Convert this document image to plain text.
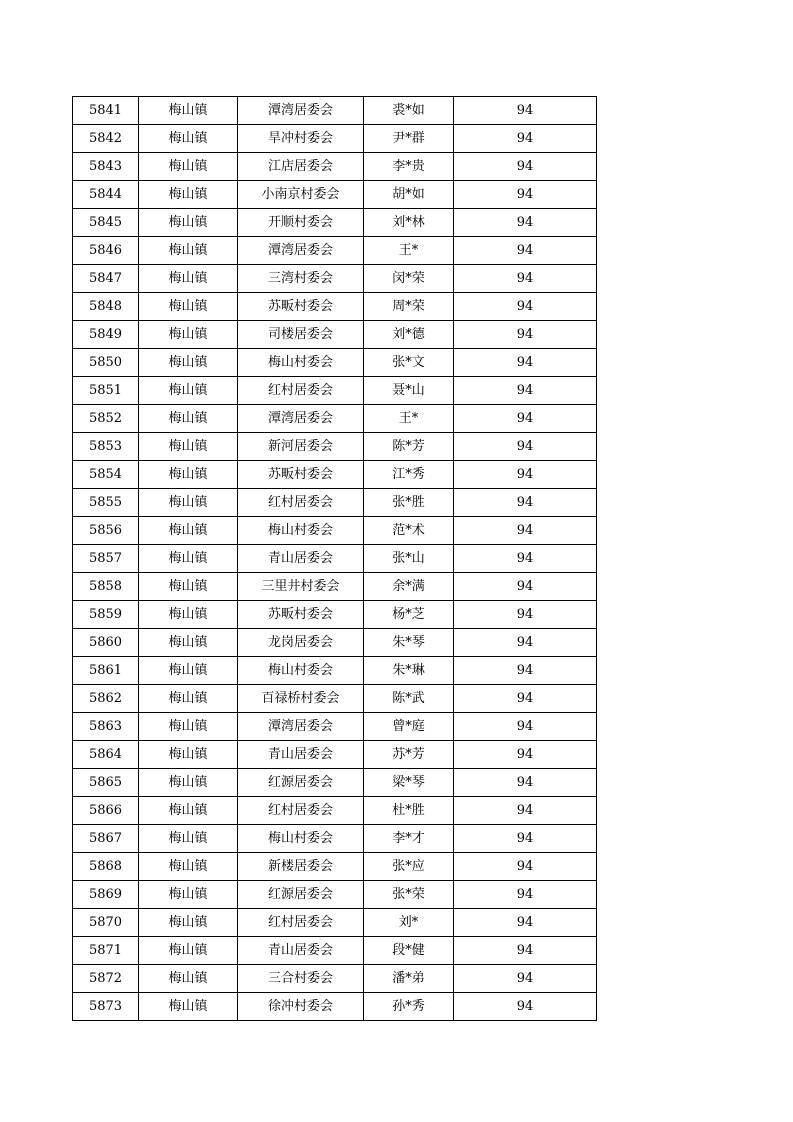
5841	梅山镇	潭湾居委会	裘*如	94
5842	梅山镇	旱冲村委会	尹*群	94
5843	梅山镇	江店居委会	李*贵	94
5844	梅山镇	小南京村委会	胡*如	94
5845	梅山镇	开顺村委会	刘*林	94
5846	梅山镇	潭湾居委会	王*	94
5847	梅山镇	三湾村委会	闵*荣	94
5848	梅山镇	苏畈村委会	周*荣	94
5849	梅山镇	司楼居委会	刘*德	94
5850	梅山镇	梅山村委会	张*文	94
5851	梅山镇	红村居委会	聂*山	94
5852	梅山镇	潭湾居委会	王*	94
5853	梅山镇	新河居委会	陈*芳	94
5854	梅山镇	苏畈村委会	江*秀	94
5855	梅山镇	红村居委会	张*胜	94
5856	梅山镇	梅山村委会	范*术	94
5857	梅山镇	青山居委会	张*山	94
5858	梅山镇	三里井村委会	余*满	94
5859	梅山镇	苏畈村委会	杨*芝	94
5860	梅山镇	龙岗居委会	朱*琴	94
5861	梅山镇	梅山村委会	朱*琳	94
5862	梅山镇	百禄桥村委会	陈*武	94
5863	梅山镇	潭湾居委会	曾*庭	94
5864	梅山镇	青山居委会	苏*芳	94
5865	梅山镇	红源居委会	梁*琴	94
5866	梅山镇	红村居委会	杜*胜	94
5867	梅山镇	梅山村委会	李*才	94
5868	梅山镇	新楼居委会	张*应	94
5869	梅山镇	红源居委会	张*荣	94
5870	梅山镇	红村居委会	刘*	94
5871	梅山镇	青山居委会	段*健	94
5872	梅山镇	三合村委会	潘*弟	94
5873	梅山镇	徐冲村委会	孙*秀	94
